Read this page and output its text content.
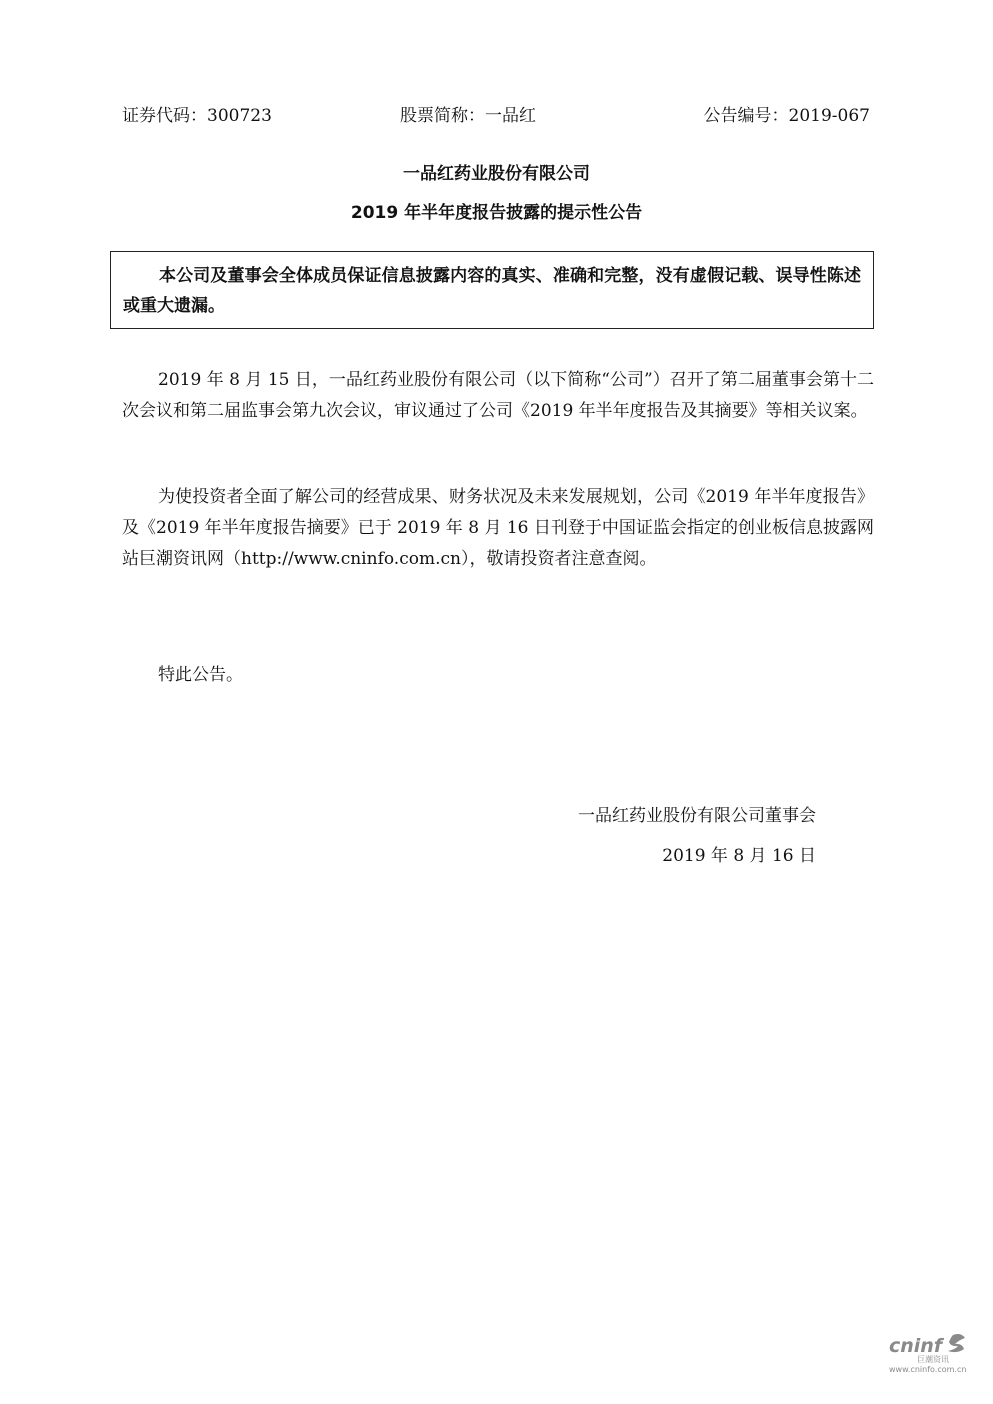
证券代码：300723	股票简称：一品红	公告编号：2019-067
一品红药业股份有限公司
2019 年半年度报告披露的提示性公告

本公司及董事会全体成员保证信息披露内容的真实、准确和完整，没有虚假记载、误导性陈述或重大遗漏。

2019 年 8 月 15 日，一品红药业股份有限公司（以下简称“公司”）召开了第二届董事会第十二次会议和第二届监事会第九次会议，审议通过了公司《2019 年半年度报告及其摘要》等相关议案。

为使投资者全面了解公司的经营成果、财务状况及未来发展规划，公司《2019 年半年度报告》及《2019 年半年度报告摘要》已于 2019 年 8 月 16 日刊登于中国证监会指定的创业板信息披露网站巨潮资讯网（http://www.cninfo.com.cn），敬请投资者注意查阅。

特此公告。

一品红药业股份有限公司董事会
2019 年 8 月 16 日
cninf
巨潮资讯
www.cninfo.com.cn
